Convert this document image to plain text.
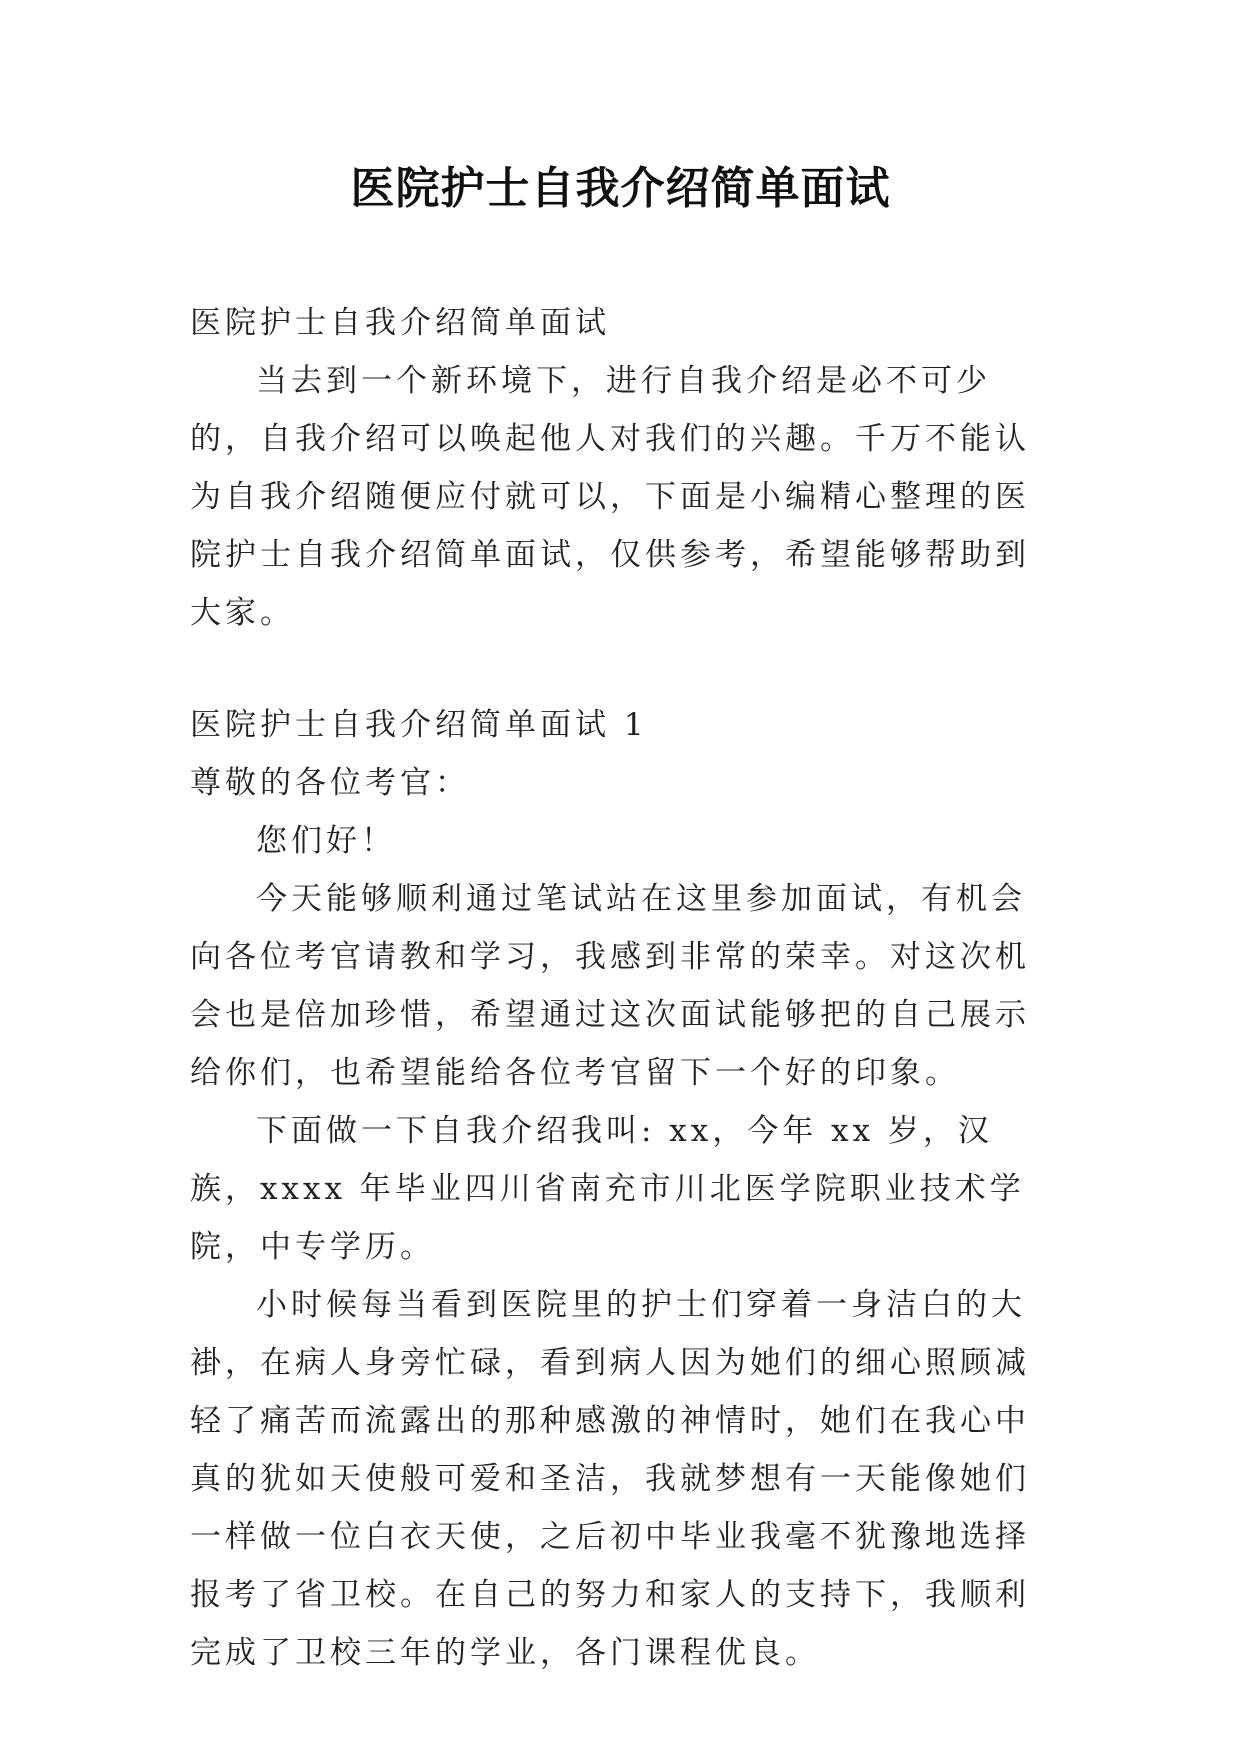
医院护士自我介绍简单面试

医院护士自我介绍简单面试

当去到一个新环境下，进行自我介绍是必不可少的，自我介绍可以唤起他人对我们的兴趣。千万不能认为自我介绍随便应付就可以，下面是小编精心整理的医院护士自我介绍简单面试，仅供参考，希望能够帮助到大家。

医院护士自我介绍简单面试 1

尊敬的各位考官：

您们好！

今天能够顺利通过笔试站在这里参加面试，有机会向各位考官请教和学习，我感到非常的荣幸。对这次机会也是倍加珍惜，希望通过这次面试能够把的自己展示给你们，也希望能给各位考官留下一个好的印象。

下面做一下自我介绍我叫: xx，今年 xx 岁，汉族，xxxx 年毕业四川省南充市川北医学院职业技术学院，中专学历。

小时候每当看到医院里的护士们穿着一身洁白的大褂，在病人身旁忙碌，看到病人因为她们的细心照顾减轻了痛苦而流露出的那种感激的神情时，她们在我心中真的犹如天使般可爱和圣洁，我就梦想有一天能像她们一样做一位白衣天使，之后初中毕业我毫不犹豫地选择报考了省卫校。在自己的努力和家人的支持下，我顺利完成了卫校三年的学业，各门课程优良。
